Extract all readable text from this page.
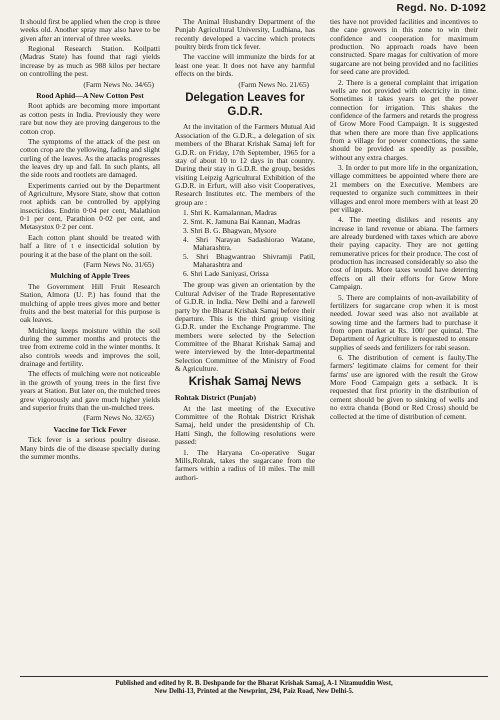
Regd. No. D-1092

It should first be applied when the crop is three weeks old. Another spray may also have to be given after an interval of three weeks.

Regional Research Station. Koilpatti (Madras State) has found that ragi yields increase by as much as 988 kilos per hectare on controlling the pest.

(Farm News No. 34/65)

Rood Aphid—A New Cotton Pest

Root aphids are becoming more important as cotton pests in India. Previously they were rare but now they are proving dangerous to the cotton crop.

The symptoms of the attack of the pest on cotton crop are the yellowing, fading and slight curling of the leaves. As the attacks progresses the leaves dry up and fall. In such plants, all the side roots and rootlets are damaged.

Experiments carried out by the Department of Agriculture, Mysore State, show that cotton root aphids can be controlled by applying insecticides. Endrin 0·04 per cent, Malathion 0·1 per cent, Parathion 0·02 per cent, and Metasystox 0·2 per cent.

Each cotton plant should be treated with half a litre of t e insecticidal solution by pouring it at the base of the plant on the soil.

(Farm News No. 31/65)

Mulching of Apple Trees

The Government Hill Fruit Research Station, Almora (U. P.) has found that the mulching of apple trees gives more and better fruits and the best material for this purpose is oak leaves.

Mulching keeps moisture within the soil during the summer months and protects the tree from extreme cold in the winter months. It also controls weeds and improves the soil, drainage and fertility.

The effects of mulching were not noticeable in the growth of young trees in the first five years at Station. But later on, the mulched trees grew vigorously and gave much higher yields and superior fruits than the un-mulched trees.

(Farm News No. 32/65)

Vaccine for Tick Fever

Tick fever is a serious poultry disease. Many birds die of the disease specially during the summer months.

The Animal Husbandry Department of the Punjab Agricultural University, Ludhiana, has recently developed a vaccine which protects poultry birds from tick fever.

The vaccine will immunize the birds for at least one year. It does not have any harmful effects on the birds.

(Farm News No. 21/65)

Delegation Leaves for G.D.R.

At the invitation of the Farmers Mutual Aid Association of the G.D.R., a delegation of six members of the Bharat Krishak Samaj left for G.D.R. on Friday, 17th September, 1965 for a stay of about 10 to 12 days in that country. During their stay in G.D.R. the group, besides visiting Leipzig Agricultural Exhibition of the G.D.R. in Erfurt, will also visit Cooperatives, Research Institutes etc. The members of the group are :

1. Shri K. Kamalannan, Madras
2. Smt. K. Jamuna Bai Kannan, Madras
3. Shri B. G. Bhagwan, Mysore
4. Shri Narayan Sadashiorao Watane, Maharashtra.
5. Shri Bhagwantrao Shivramji Patil, Maharashtra and
6. Shri Lade Saniyasi, Orissa

The group was given an orientation by the Cultural Adviser of the Trade Representative of G.D.R. in India. New Delhi and a farewell party by the Bharat Krishak Samaj before their departure. This is the third group visiting G.D.R. under the Exchange Programme. The members were selected by the Selection Committee of the Bharat Krishak Samaj and were interviewed by the Inter-departmental Selection Committee of the Ministry of Food & Agriculture.

Krishak Samaj News
Rohtak District (Punjab)

At the last meeting of the Executive Committee of the Rohtak District Krishak Samaj, held under the presidentship of Ch. Hatti Singh, the following resolutions were passed:

1. The Haryana Co-operative Sugar Mills,Rohtak, takes the sugarcane from the farmers within a radius of 10 miles. The mill authori-

ties have not provided facilities and incentives to the cane growers in this zone to win their confidence and cooperation for maximum production. No approach roads have been constructed. Spare magas for cultivation of more sugarcane are not being provided and no facilities for seed cane are provided.

2. There is a general complaint that irrigation wells are not provided with electricity in time. Sometimes it takes years to get the power connection for irrigation. This shakes the confidence of the farmers and retards the progress of Grow More Food Campaign. It is suggested that when there are more than five applications from a village for power connections, the same should be provided as speedily as possible, without any extra charges.

3. In order to put more life in the organization, village committees be appointed where there are 21 members on the Executive. Members are requested to organize such committees in their villages and enrol more members with at least 20 per village.

4. The meeting dislikes and resents any increase in land revenue or abiana. The farmers are already burdened with taxes which are above their paying capacity. They are not getting remunerative prices for their produce. The cost of production has increased considerably so also the cost of inputs. More taxes would have deterring effects on all their efforts for Grow More Campaign.

5. There are complaints of non-availability of fertilizers for sugarcane crop when it is most needed. Jowar seed was also not available at sowing time and the farmers had to purchase it from open market at Rs. 100/ per quintal. The Department of Agriculture is requested to ensure supplies of seeds and fertilizers for rabi season.

6. The distribution of cement is faulty.The farmers' legitimate claims for cement for their farms' use are ignored with the result the Grow More Food Campaign gets a setback. It is requested that first priority in the distribution of cement should be given to sinking of wells and no extra chanda (Bond or Red Cross) should be collected at the time of distribution of cement.

Published and edited by R. B. Deshpande for the Bharat Krishak Samaj, A-1 Nizamuddin West,
New Delhi-13, Printed at the Newprint, 294, Paiz Road, New Delhi-5.
